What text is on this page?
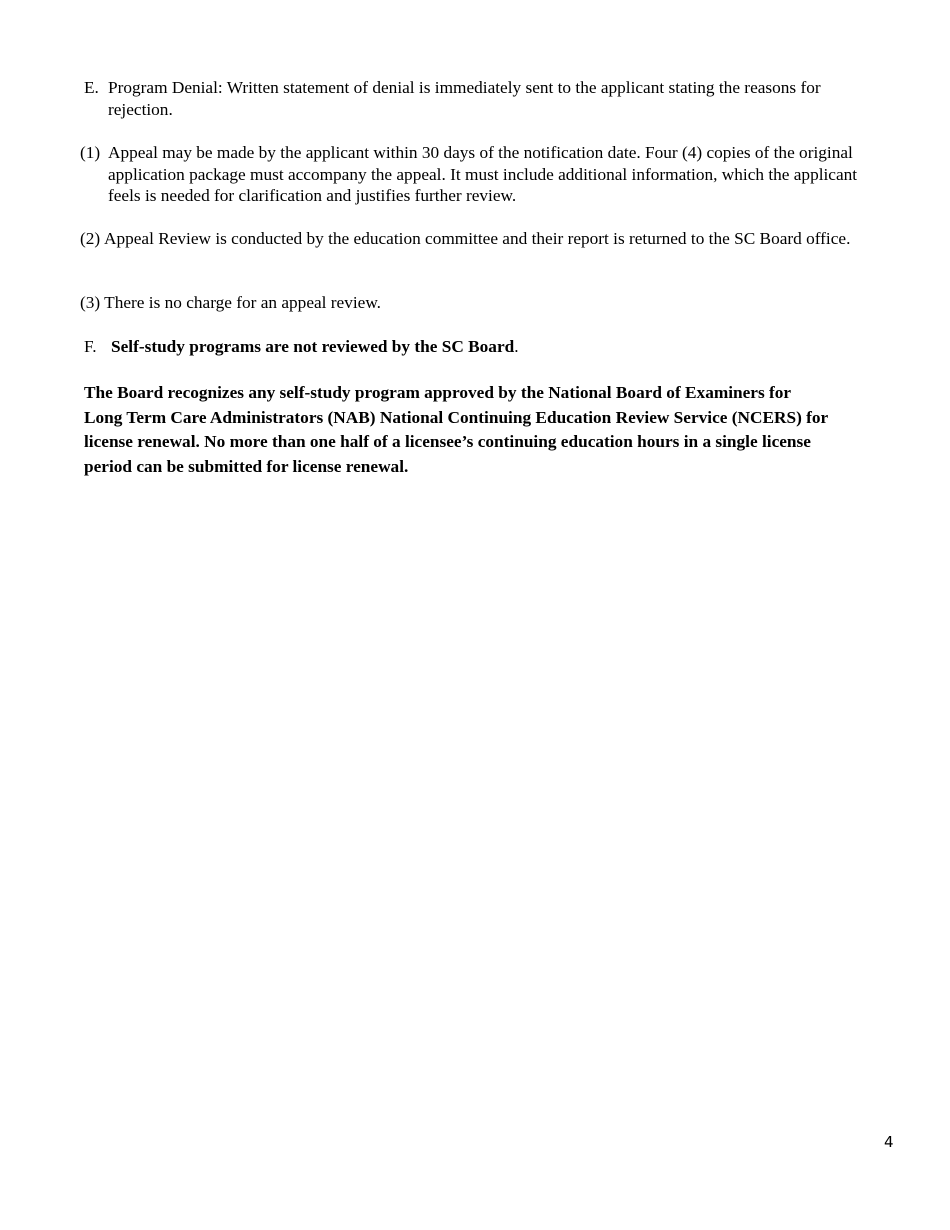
E. Program Denial: Written statement of denial is immediately sent to the applicant stating the reasons for rejection.
(1) Appeal may be made by the applicant within 30 days of the notification date. Four (4) copies of the original application package must accompany the appeal. It must include additional information, which the applicant feels is needed for clarification and justifies further review.
(2) Appeal Review is conducted by the education committee and their report is returned to the SC Board office.
(3) There is no charge for an appeal review.
F. Self-study programs are not reviewed by the SC Board.

The Board recognizes any self-study program approved by the National Board of Examiners for Long Term Care Administrators (NAB) National Continuing Education Review Service (NCERS) for license renewal. No more than one half of a licensee’s continuing education hours in a single license period can be submitted for license renewal.

4
